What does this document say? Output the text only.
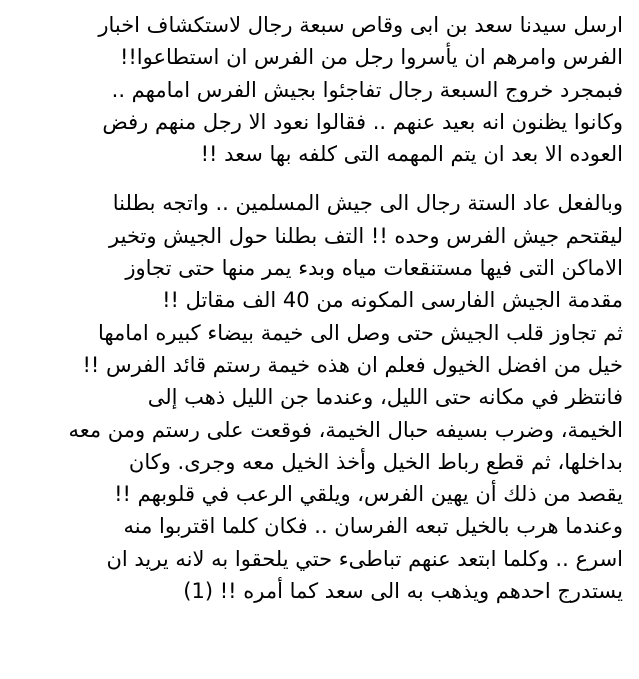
ارسل سيدنا سعد بن ابى وقاص سبعة رجال لاستكشاف اخبار
الفرس وامرهم ان يأسروا رجل من الفرس ان استطاعوا!!
فبمجرد خروج السبعة رجال تفاجئوا بجيش الفرس امامهم ..
وكانوا يظنون انه بعيد عنهم .. فقالوا نعود الا رجل منهم رفض
العوده الا بعد ان يتم المهمه التى كلفه بها سعد !!
وبالفعل عاد الستة رجال الى جيش المسلمين .. واتجه بطلنا
ليقتحم جيش الفرس وحده !! التف بطلنا حول الجيش وتخير
الاماكن التى فيها مستنقعات مياه وبدء يمر منها حتى تجاوز
مقدمة الجيش الفارسى المكونه من 40 الف مقاتل !!
ثم تجاوز قلب الجيش حتى وصل الى خيمة بيضاء كبيره امامها
خيل من افضل الخيول فعلم ان هذه خيمة رستم قائد الفرس !!
فانتظر في مكانه حتى الليل، وعندما جن الليل ذهب إلى
الخيمة، وضرب بسيفه حبال الخيمة، فوقعت على رستم ومن معه
بداخلها، ثم قطع رباط الخيل وأخذ الخيل معه وجرى. وكان
يقصد من ذلك أن يهين الفرس، ويلقي الرعب في قلوبهم !!
وعندما هرب بالخيل تبعه الفرسان .. فكان كلما اقتربوا منه
اسرع .. وكلما ابتعد عنهم تباطىء حتي يلحقوا به لانه يريد ان
يستدرج احدهم ويذهب به الى سعد كما أمره !! (1)
